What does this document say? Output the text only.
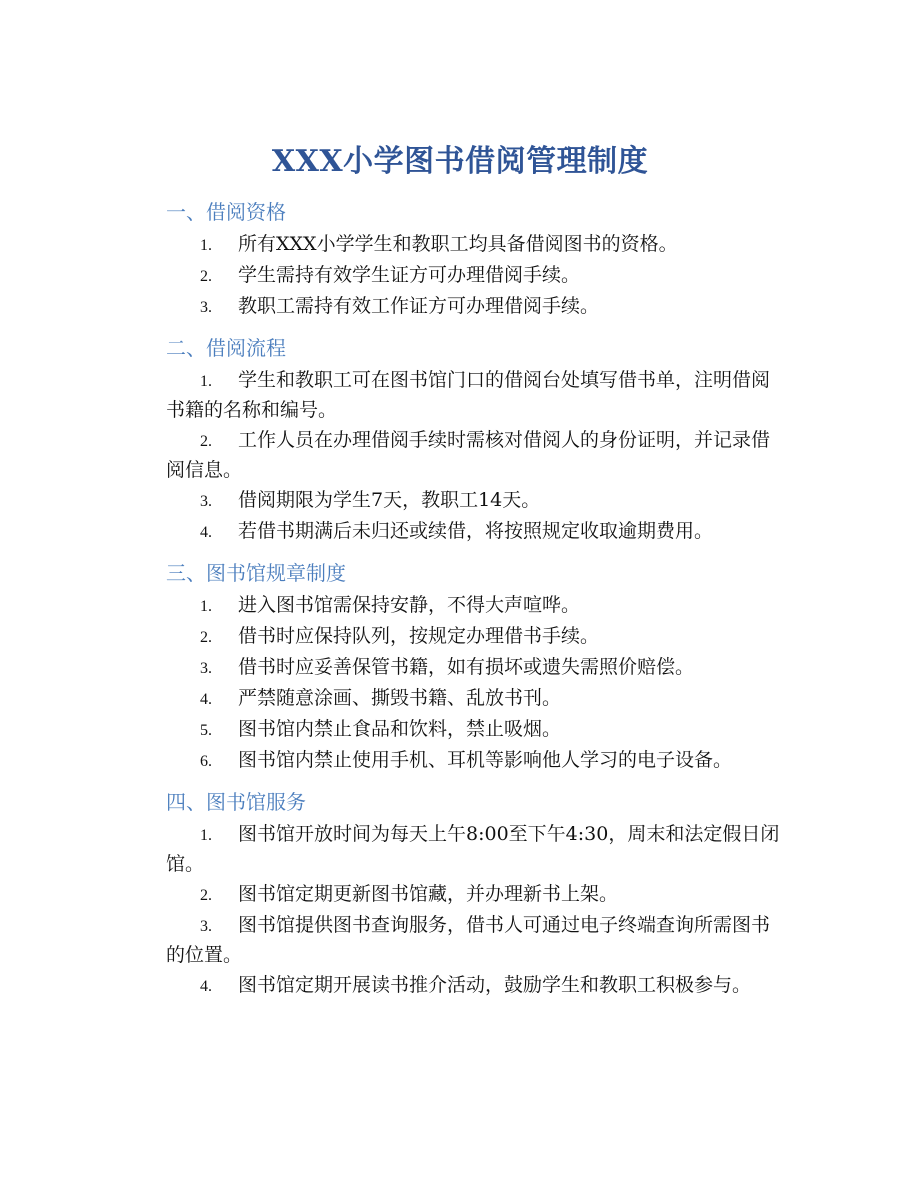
XXX小学图书借阅管理制度
一、借阅资格
1. 所有XXX小学学生和教职工均具备借阅图书的资格。
2. 学生需持有效学生证方可办理借阅手续。
3. 教职工需持有效工作证方可办理借阅手续。
二、借阅流程
1. 学生和教职工可在图书馆门口的借阅台处填写借书单，注明借阅书籍的名称和编号。
2. 工作人员在办理借阅手续时需核对借阅人的身份证明，并记录借阅信息。
3. 借阅期限为学生7天，教职工14天。
4. 若借书期满后未归还或续借，将按照规定收取逾期费用。
三、图书馆规章制度
1. 进入图书馆需保持安静，不得大声喧哗。
2. 借书时应保持队列，按规定办理借书手续。
3. 借书时应妥善保管书籍，如有损坏或遗失需照价赔偿。
4. 严禁随意涂画、撕毁书籍、乱放书刊。
5. 图书馆内禁止食品和饮料，禁止吸烟。
6. 图书馆内禁止使用手机、耳机等影响他人学习的电子设备。
四、图书馆服务
1. 图书馆开放时间为每天上午8:00至下午4:30，周末和法定假日闭馆。
2. 图书馆定期更新图书馆藏，并办理新书上架。
3. 图书馆提供图书查询服务，借书人可通过电子终端查询所需图书的位置。
4. 图书馆定期开展读书推介活动，鼓励学生和教职工积极参与。
